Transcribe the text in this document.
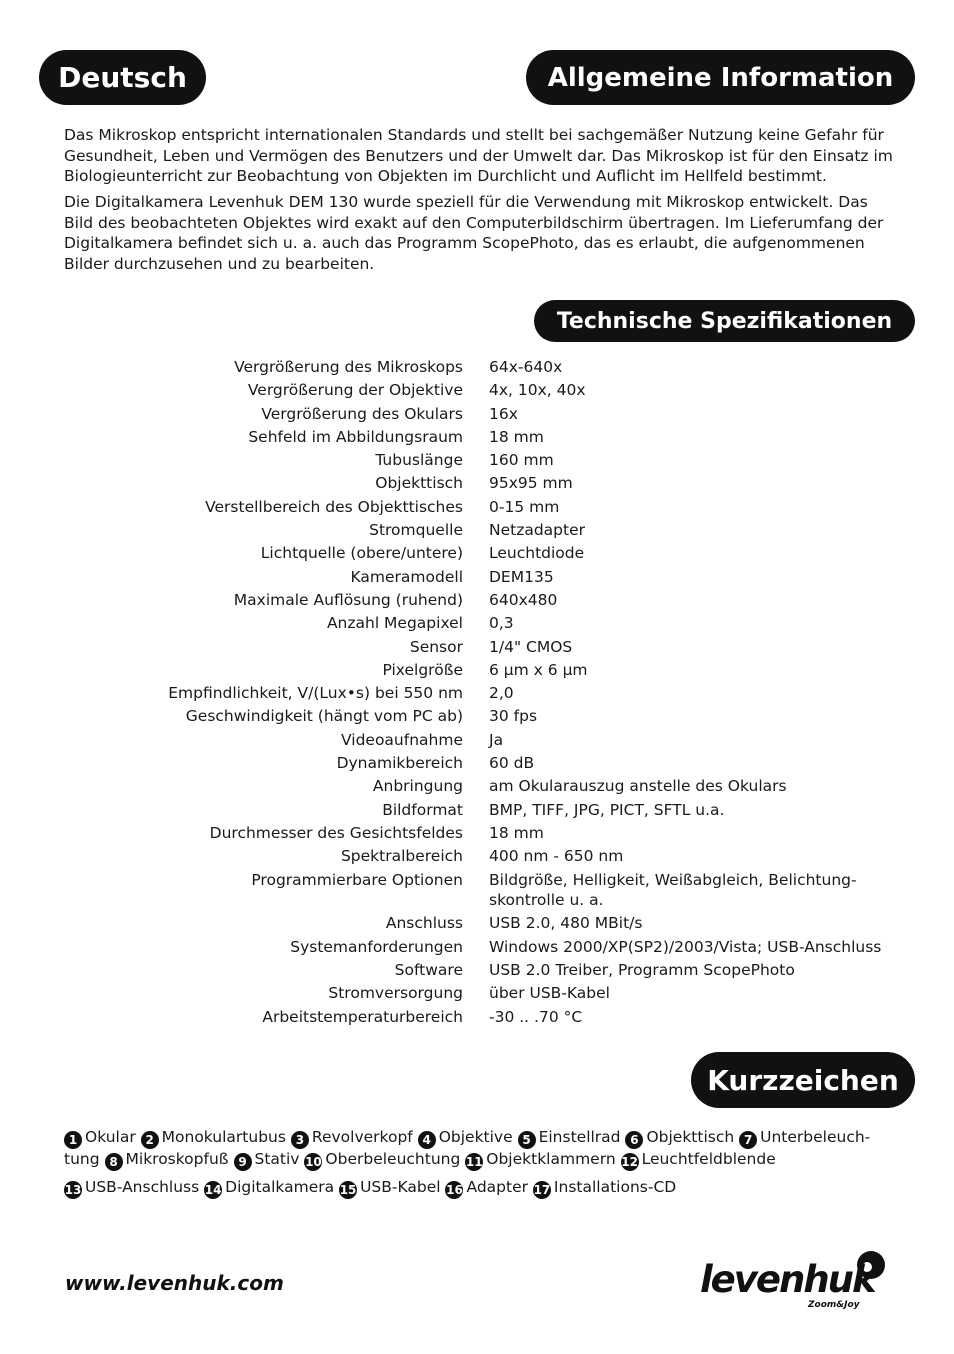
Deutsch	Allgemeine Information

Das Mikroskop entspricht internationalen Standards und stellt bei sachgemäßer Nutzung keine Gefahr für Gesundheit, Leben und Vermögen des Benutzers und der Umwelt dar. Das Mikroskop ist für den Einsatz im Biologieunterricht zur Beobachtung von Objekten im Durchlicht und Auflicht im Hellfeld bestimmt.

Die Digitalkamera Levenhuk DEM 130 wurde speziell für die Verwendung mit Mikroskop entwickelt. Das Bild des beobachteten Objektes wird exakt auf den Computerbildschirm übertragen. Im Lieferumfang der Digitalkamera befindet sich u. a. auch das Programm ScopePhoto, das es erlaubt, die aufgenommenen Bilder durchzusehen und zu bearbeiten.

Technische Spezifikationen
Vergrößerung des Mikroskops 64x-640x
Vergrößerung der Objektive 4x, 10x, 40x
Vergrößerung des Okulars 16x
Sehfeld im Abbildungsraum 18 mm
Tubuslänge 160 mm
Objekttisch 95x95 mm
Verstellbereich des Objekttisches 0-15 mm
Stromquelle Netzadapter
Lichtquelle (obere/untere) Leuchtdiode
Kameramodell DEM135
Maximale Auflösung (ruhend) 640x480
Anzahl Megapixel 0,3
Sensor 1/4" CMOS
Pixelgröße 6 µm x 6 µm
Empfindlichkeit, V/(Lux•s) bei 550 nm 2,0
Geschwindigkeit (hängt vom PC ab) 30 fps
Videoaufnahme Ja
Dynamikbereich 60 dB
Anbringung am Okularauszug anstelle des Okulars
Bildformat BMP, TIFF, JPG, PICT, SFTL u.a.
Durchmesser des Gesichtsfeldes 18 mm
Spektralbereich 400 nm - 650 nm
Programmierbare Optionen Bildgröße, Helligkeit, Weißabgleich, Belichtung-skontrolle u. a.
Anschluss USB 2.0, 480 MBit/s
Systemanforderungen Windows 2000/XP(SP2)/2003/Vista; USB-Anschluss
Software USB 2.0 Treiber, Programm ScopePhoto
Stromversorgung über USB-Kabel
Arbeitstemperaturbereich -30 .. .70 °C
Kurzzeichen

1 Okular 2 Monokulartubus 3 Revolverkopf 4 Objektive 5 Einstellrad 6 Objekttisch 7 Unterbeleuch-tung 8 Mikroskopfuß 9 Stativ 10 Oberbeleuchtung 11 Objektklammern 12 Leuchtfeldblende

13 USB-Anschluss 14 Digitalkamera 15 USB-Kabel 16 Adapter 17 Installations-CD

www.levenhuk.com	levenhuk
Zoom&Joy
